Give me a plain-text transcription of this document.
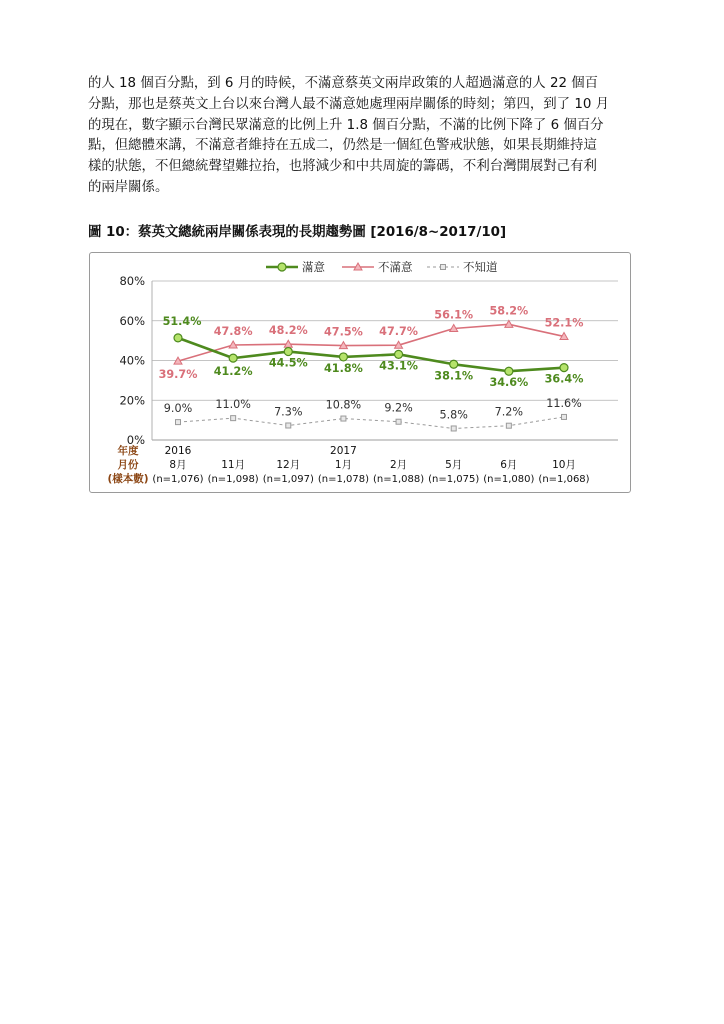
的人 18 個百分點，到 6 月的時候，不滿意蔡英文兩岸政策的人超過滿意的人 22 個百
分點，那也是蔡英文上台以來台灣人最不滿意她處理兩岸關係的時刻；第四，到了 10 月
的現在，數字顯示台灣民眾滿意的比例上升 1.8 個百分點，不滿的比例下降了 6 個百分
點，但總體來講，不滿意者維持在五成二，仍然是一個紅色警戒狀態，如果長期維持這
樣的狀態，不但總統聲望難拉抬，也將減少和中共周旋的籌碼，不利台灣開展對己有利
的兩岸關係。
圖 10：蔡英文總統兩岸關係表現的長期趨勢圖 [2016/8~2017/10]
0%
20%
40%
60%
80%
滿意	不滿意	不知道
9.0% 11.0%
7.3%
10.8% 9.2%
5.8% 7.2%
11.6%
39.7%
47.8% 48.2% 47.5% 47.7%
56.1% 58.2%
52.1%
51.4%
41.2%
44.5% 41.8% 43.1%
38.1%
34.6% 36.4%
年度
月份
(樣本數)
2016
8月
(n=1,076)
11月
(n=1,098)
12月
(n=1,097)
2017
1月
(n=1,078)
2月
(n=1,088)
5月
(n=1,075)
6月
(n=1,080)
10月
(n=1,068)
